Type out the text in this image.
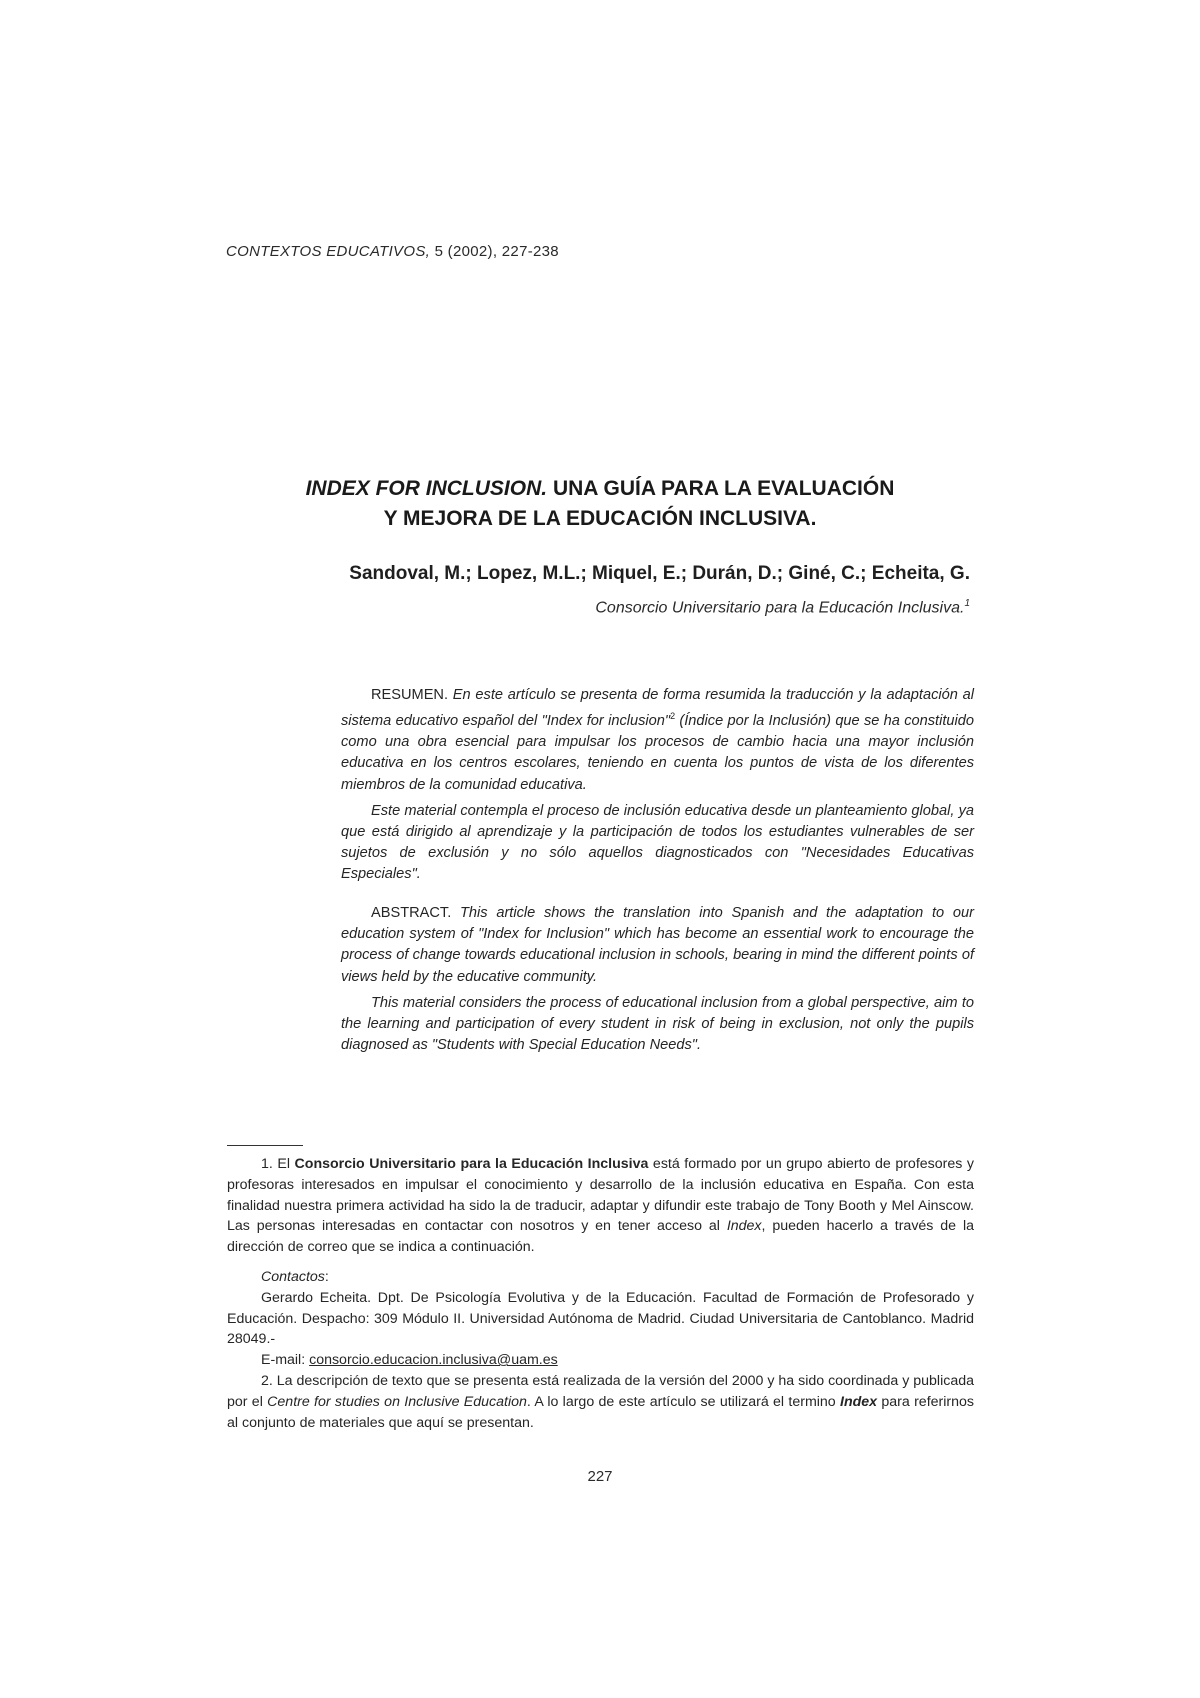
CONTEXTOS EDUCATIVOS, 5 (2002), 227-238
INDEX FOR INCLUSION. UNA GUÍA PARA LA EVALUACIÓN
Y MEJORA DE LA EDUCACIÓN INCLUSIVA.
Sandoval, M.; Lopez, M.L.; Miquel, E.; Durán, D.; Giné, C.; Echeita, G.
Consorcio Universitario para la Educación Inclusiva.$^1$

RESUMEN. En este artículo se presenta de forma resumida la traducción y la adaptación al sistema educativo español del "Index for inclusion"$^2$ (Índice por la Inclusión) que se ha constituido como una obra esencial para impulsar los procesos de cambio hacia una mayor inclusión educativa en los centros escolares, teniendo en cuenta los puntos de vista de los diferentes miembros de la comunidad educativa.

Este material contempla el proceso de inclusión educativa desde un planteamiento global, ya que está dirigido al aprendizaje y la participación de todos los estudiantes vulnerables de ser sujetos de exclusión y no sólo aquellos diagnosticados con "Necesidades Educativas Especiales".

ABSTRACT. This article shows the translation into Spanish and the adaptation to our education system of "Index for Inclusion" which has become an essential work to encourage the process of change towards educational inclusion in schools, bearing in mind the different points of views held by the educative community.

This material considers the process of educational inclusion from a global perspective, aim to the learning and participation of every student in risk of being in exclusion, not only the pupils diagnosed as "Students with Special Education Needs".

1. El Consorcio Universitario para la Educación Inclusiva está formado por un grupo abierto de profesores y profesoras interesados en impulsar el conocimiento y desarrollo de la inclusión educativa en España. Con esta finalidad nuestra primera actividad ha sido la de traducir, adaptar y difundir este trabajo de Tony Booth y Mel Ainscow. Las personas interesadas en contactar con nosotros y en tener acceso al Index, pueden hacerlo a través de la dirección de correo que se indica a continuación.

Contactos:

Gerardo Echeita. Dpt. De Psicología Evolutiva y de la Educación. Facultad de Formación de Profesorado y Educación. Despacho: 309 Módulo II. Universidad Autónoma de Madrid. Ciudad Universitaria de Cantoblanco. Madrid 28049.-

E-mail: consorcio.educacion.inclusiva@uam.es

2. La descripción de texto que se presenta está realizada de la versión del 2000 y ha sido coordinada y publicada por el Centre for studies on Inclusive Education. A lo largo de este artículo se utilizará el termino Index para referirnos al conjunto de materiales que aquí se presentan.

227
